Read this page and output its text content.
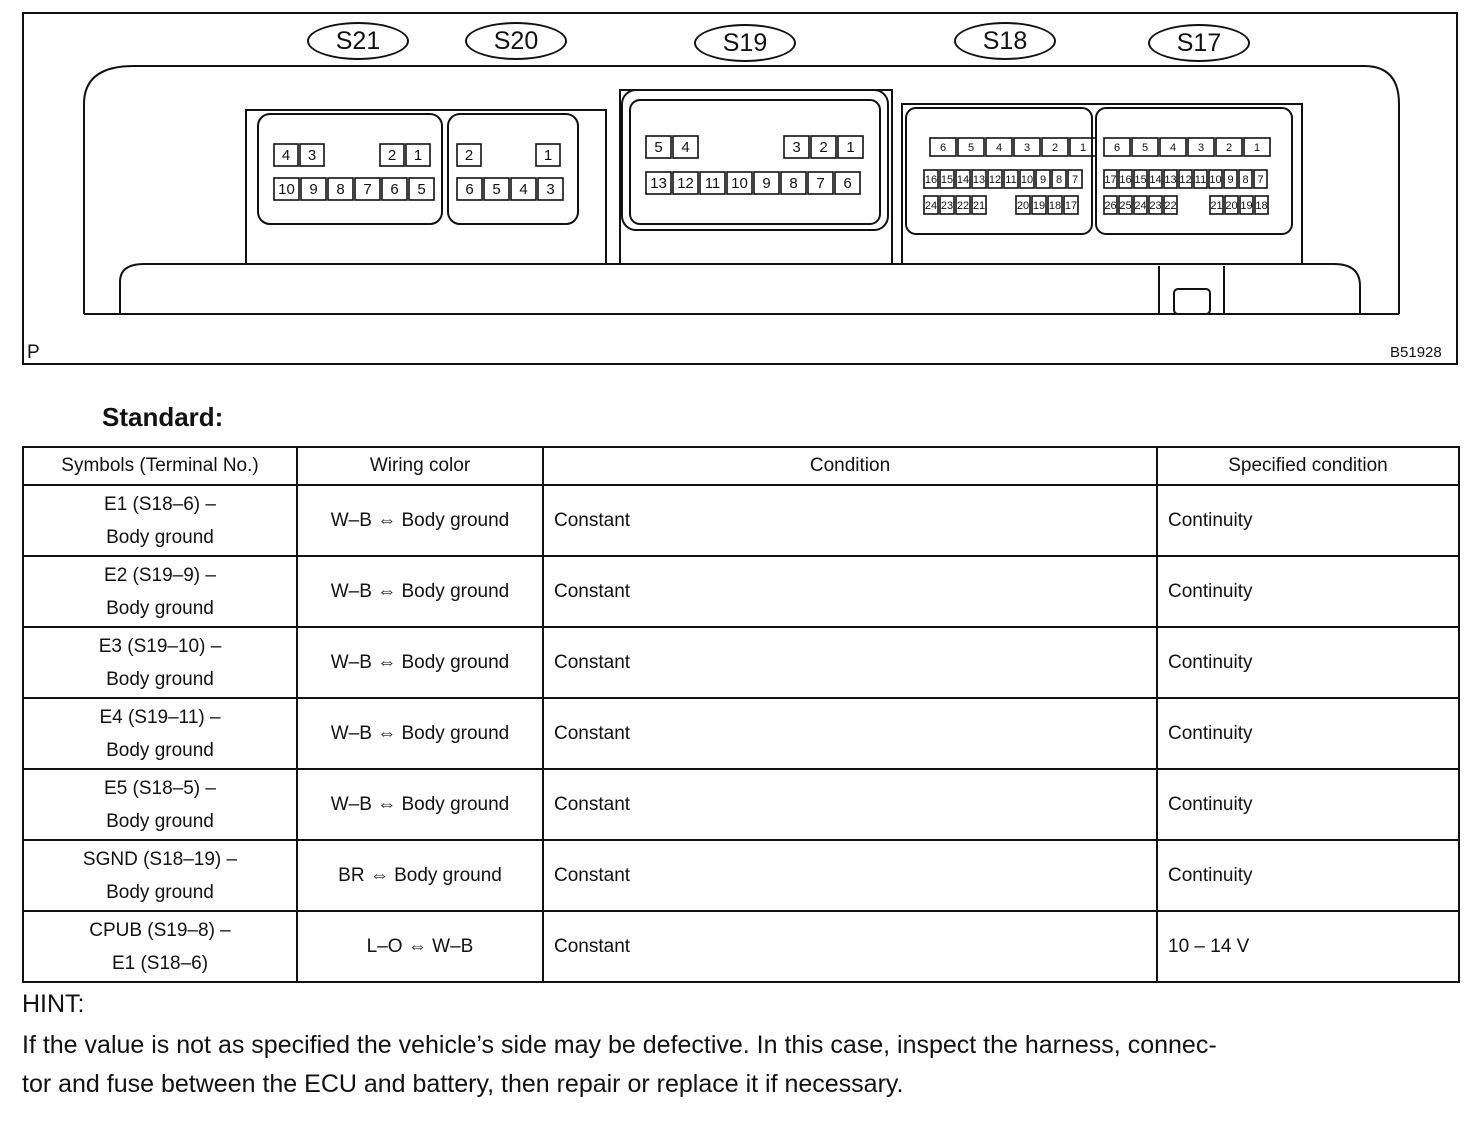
4 3	2 1
10 9 8 7 6 5
2	1
6 5 4 3
5 4	3 2 1
13 12 11 10 9 8 7 6
6 5 4 3 2 1
16 15 14 13 12 11 10 9 8 7
24 23 22 21	20 19 18 17
6 5 4 3 2 1
17 16 15 14 13 12 11 10 9 8 7
26 25 24 23 22	21 20 19 18
S21	S20	S19	S18	S17
P	B51928
Standard:
Symbols (Terminal No.)	Wiring color	Condition	Specified condition
E1 (S18–6) –
Body ground	W–B ⇔ Body ground	Constant	Continuity
E2 (S19–9) –
Body ground	W–B ⇔ Body ground	Constant	Continuity
E3 (S19–10) –
Body ground	W–B ⇔ Body ground	Constant	Continuity
E4 (S19–11) –
Body ground	W–B ⇔ Body ground	Constant	Continuity
E5 (S18–5) –
Body ground	W–B ⇔ Body ground	Constant	Continuity
SGND (S18–19) –
Body ground	BR ⇔ Body ground	Constant	Continuity
CPUB (S19–8) –
E1 (S18–6)	L–O ⇔ W–B	Constant	10 – 14 V
HINT:
If the value is not as specified the vehicle’s side may be defective. In this case, inspect the harness, connec-
tor and fuse between the ECU and battery, then repair or replace it if necessary.
